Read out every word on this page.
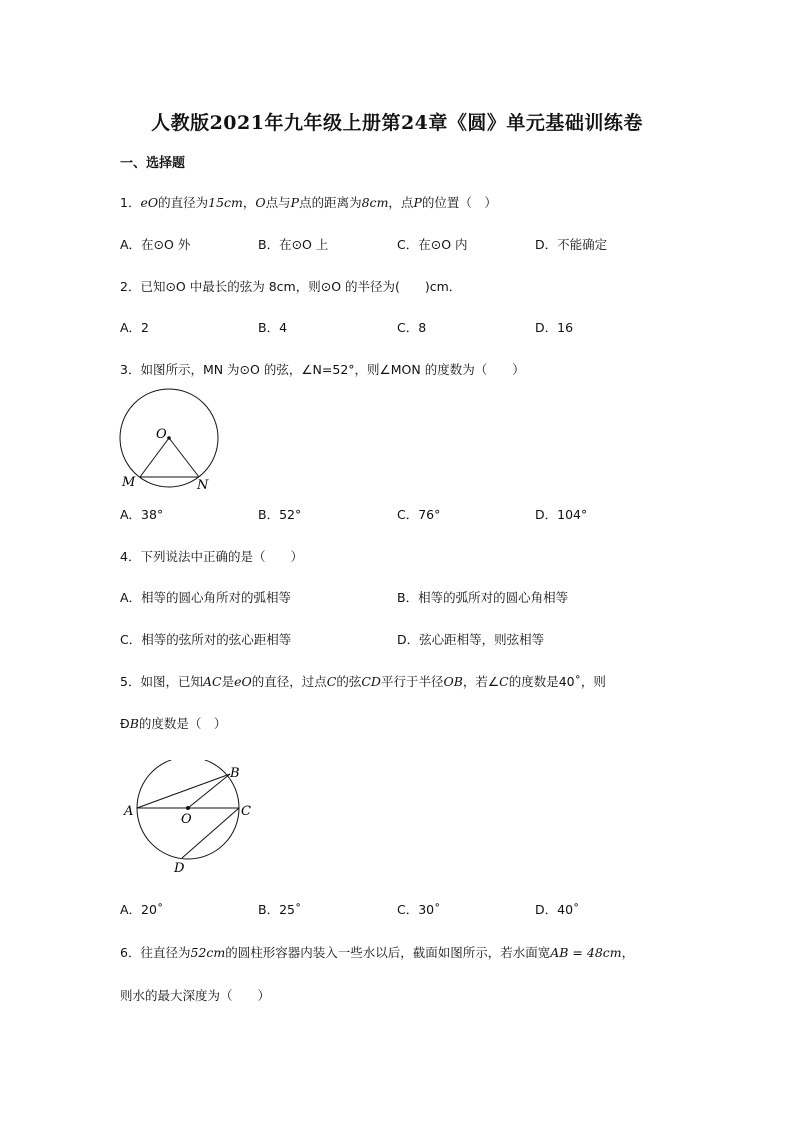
人教版2021年九年级上册第24章《圆》单元基础训练卷
一、选择题
1．eO的直径为15cm，O点与P点的距离为8cm，点P的位置（　）
A．在⊙O 外	B．在⊙O 上	C．在⊙O 内	D．不能确定
2．已知⊙O 中最长的弦为 8cm，则⊙O 的半径为(　　)cm．
A．2	B．4	C．8	D．16
3．如图所示，MN 为⊙O 的弦，∠N=52°，则∠MON 的度数为（　　）
O
M	N
A．38°	B．52°	C．76°	D．104°
4．下列说法中正确的是（　　）
A．相等的圆心角所对的弧相等	B．相等的弧所对的圆心角相等
C．相等的弦所对的弦心距相等	D．弦心距相等，则弦相等
5．如图，已知AC是eO的直径，过点C的弦CD平行于半径OB，若∠C的度数是40˚，则
ÐB的度数是（　）
A
B
C
D
O
A．20˚	B．25˚	C．30˚	D．40˚
6．往直径为52cm的圆柱形容器内装入一些水以后，截面如图所示，若水面宽AB = 48cm，
则水的最大深度为（　　）
